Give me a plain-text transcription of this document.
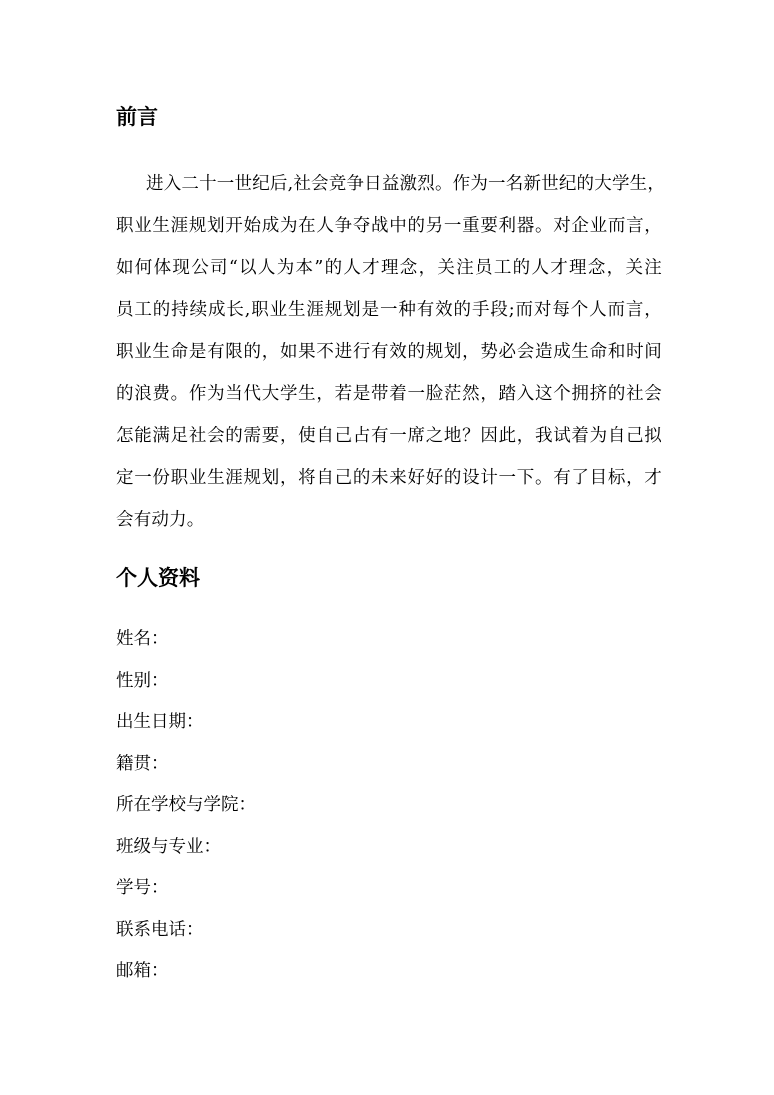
前言
进入二十一世纪后,社会竞争日益激烈。作为一名新世纪的大学生，
职业生涯规划开始成为在人争夺战中的另一重要利器。对企业而言，
如何体现公司“以人为本”的人才理念，关注员工的人才理念，关注
员工的持续成长,职业生涯规划是一种有效的手段;而对每个人而言，
职业生命是有限的，如果不进行有效的规划，势必会造成生命和时间
的浪费。作为当代大学生，若是带着一脸茫然，踏入这个拥挤的社会
怎能满足社会的需要，使自己占有一席之地？因此，我试着为自己拟
定一份职业生涯规划，将自己的未来好好的设计一下。有了目标，才
会有动力。
个人资料
姓名：
性别：
出生日期：
籍贯：
所在学校与学院：
班级与专业：
学号：
联系电话：
邮箱：
